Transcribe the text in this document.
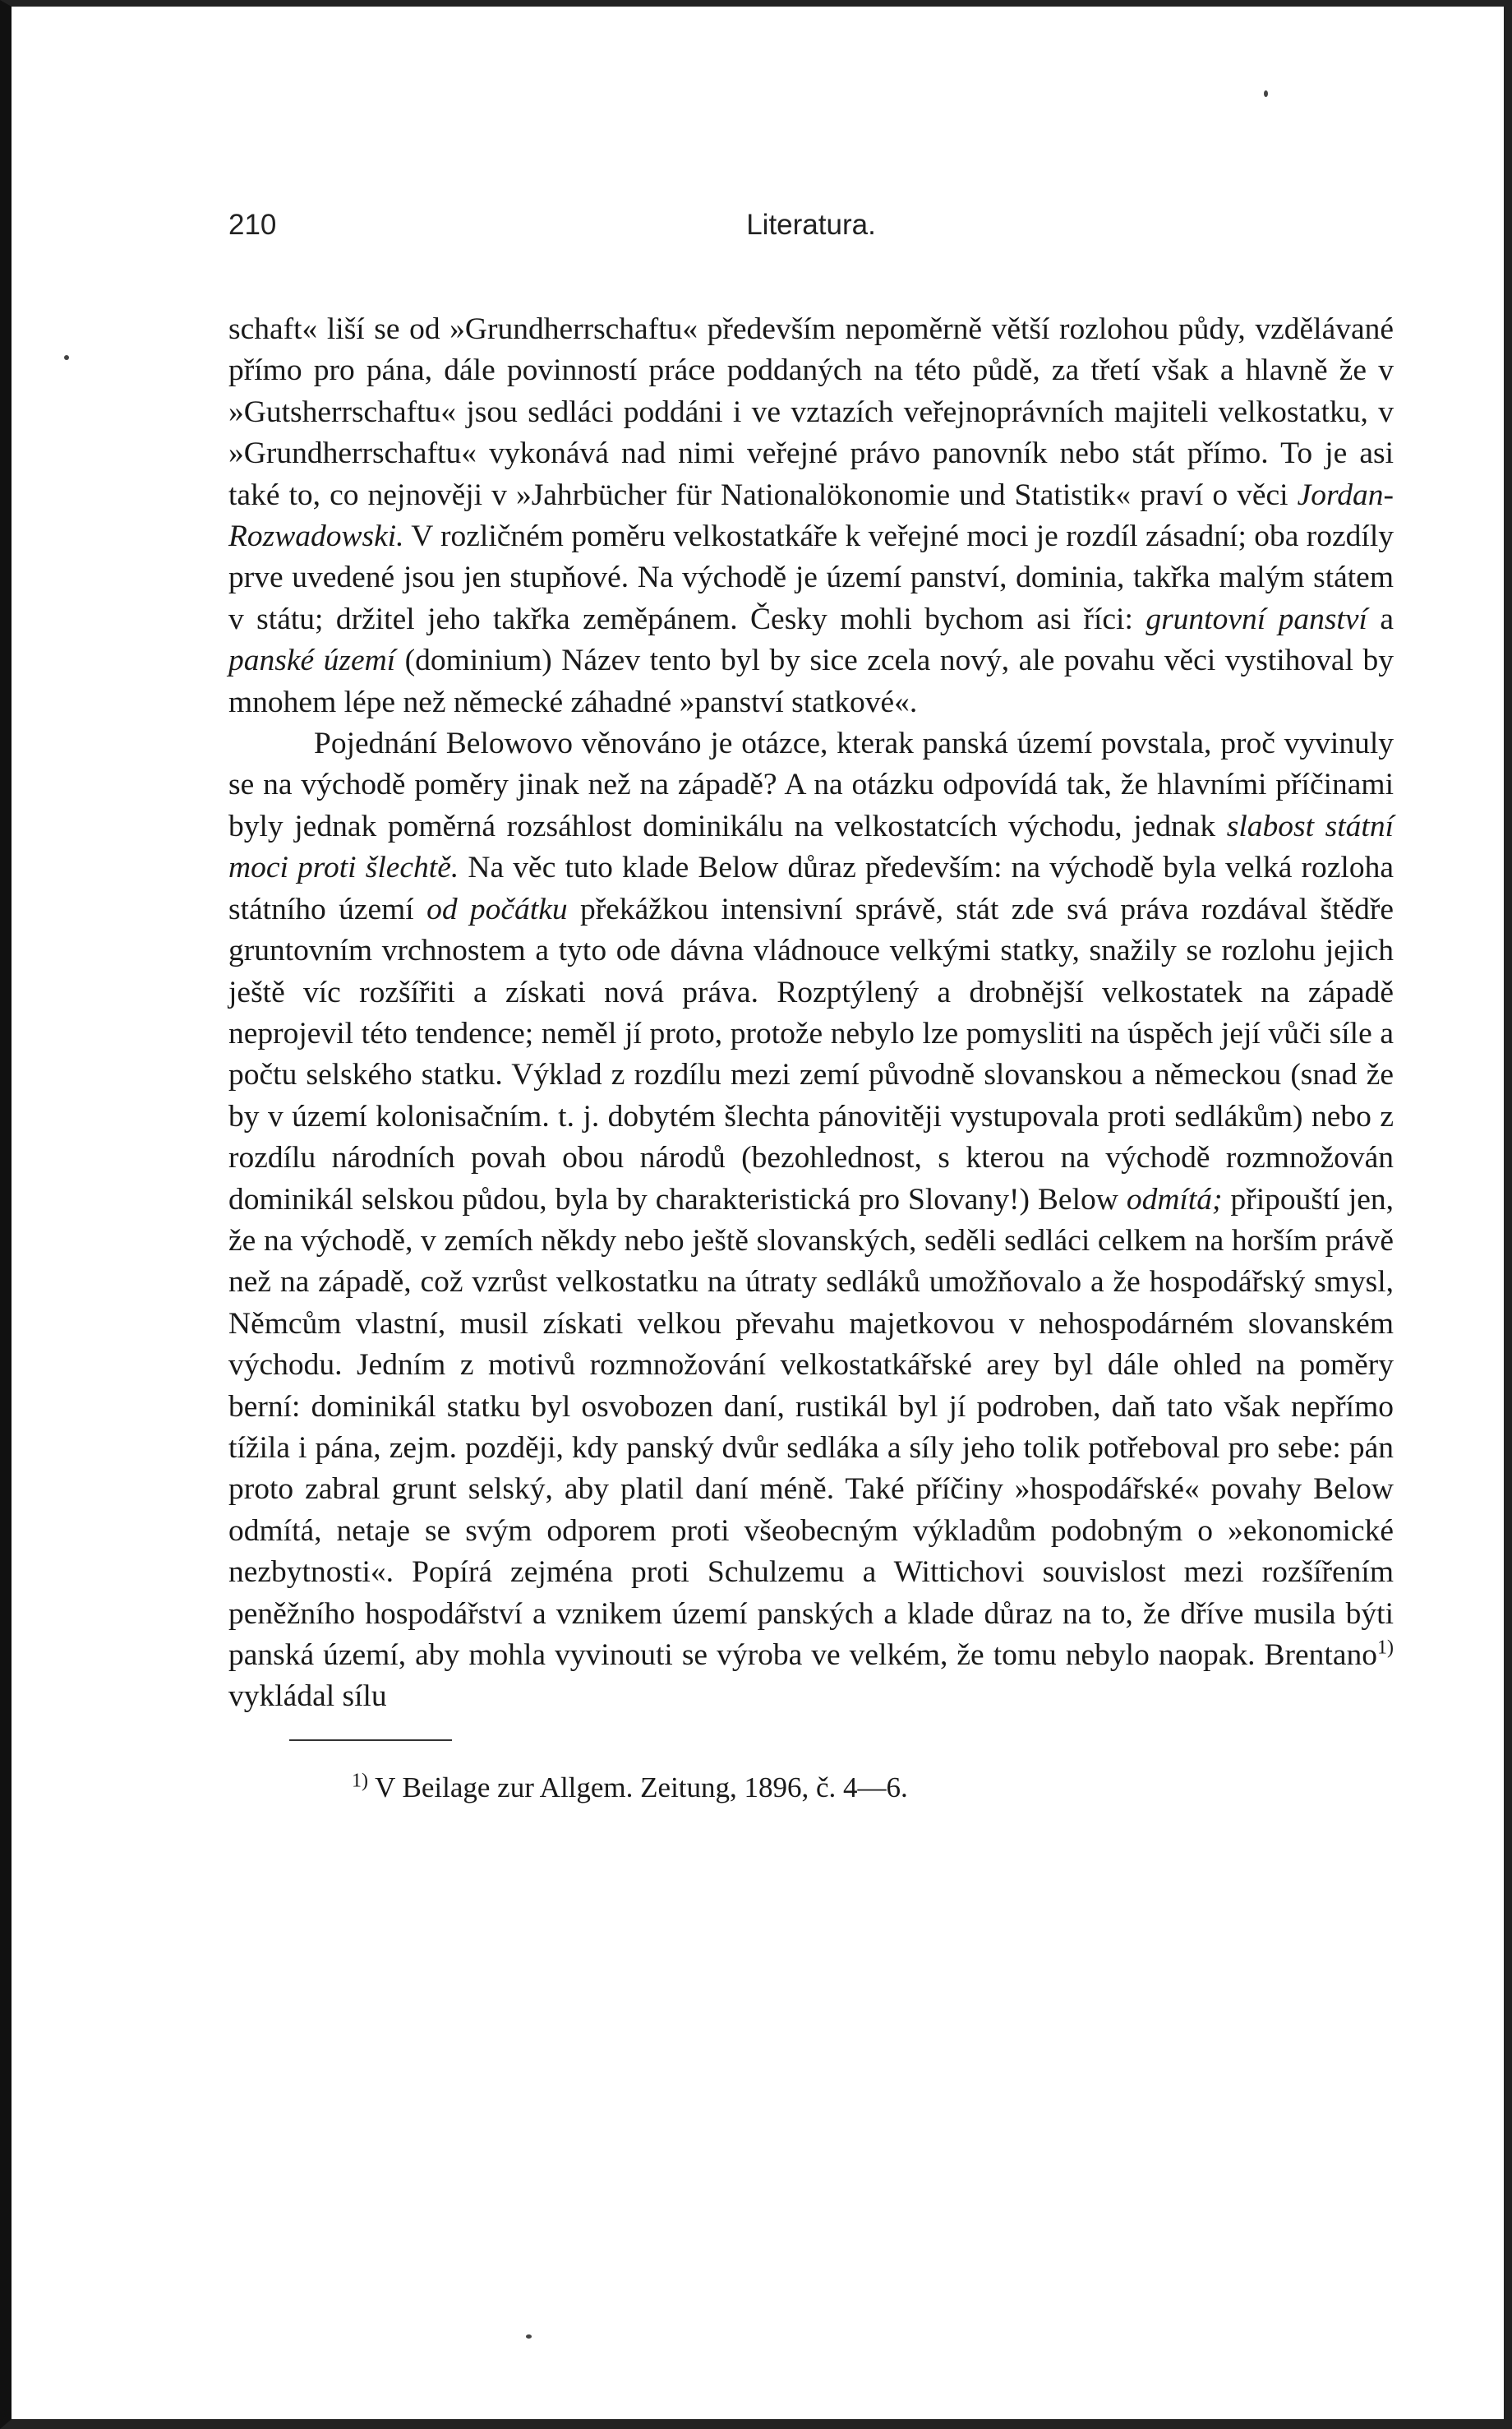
210	Literatura.

schaft« liší se od »Grundherrschaftu« především nepoměrně větší rozlohou půdy, vzdělávané přímo pro pána, dále povinností práce poddaných na této půdě, za třetí však a hlavně že v »Gutsherrschaftu« jsou sedláci poddáni i ve vztazích veřejnoprávních majiteli velkostatku, v »Grundherrschaftu« vykonává nad nimi veřejné právo panovník nebo stát přímo. To je asi také to, co nejnověji v »Jahrbücher für Nationalökonomie und Statistik« praví o věci Jordan-Rozwadowski. V rozličném poměru velkostatkáře k veřejné moci je rozdíl zásadní; oba rozdíly prve uvedené jsou jen stupňové. Na východě je území panství, dominia, takřka malým státem v státu; držitel jeho takřka zeměpánem. Česky mohli bychom asi říci: gruntovní panství a panské území (dominium) Název tento byl by sice zcela nový, ale povahu věci vystihoval by mnohem lépe než německé záhadné »panství statkové«.

Pojednání Belowovo věnováno je otázce, kterak panská území povstala, proč vyvinuly se na východě poměry jinak než na západě? A na otázku odpovídá tak, že hlavními příčinami byly jednak poměrná rozsáhlost dominikálu na velkostatcích východu, jednak slabost státní moci proti šlechtě. Na věc tuto klade Below důraz především: na východě byla velká rozloha státního území od počátku překážkou intensivní správě, stát zde svá práva rozdával štědře gruntovním vrchnostem a tyto ode dávna vládnouce velkými statky, snažily se rozlohu jejich ještě víc rozšířiti a získati nová práva. Rozptýlený a drobnější velkostatek na západě neprojevil této tendence; neměl jí proto, protože nebylo lze pomysliti na úspěch její vůči síle a počtu selského statku. Výklad z rozdílu mezi zemí původně slovanskou a německou (snad že by v území kolonisačním. t. j. dobytém šlechta pánovitěji vystupovala proti sedlákům) nebo z rozdílu národních povah obou národů (bezohlednost, s kterou na východě rozmnožován dominikál selskou půdou, byla by charakteristická pro Slovany!) Below odmítá; připouští jen, že na východě, v zemích někdy nebo ještě slovanských, seděli sedláci celkem na horším právě než na západě, což vzrůst velkostatku na útraty sedláků umožňovalo a že hospodářský smysl, Němcům vlastní, musil získati velkou převahu majetkovou v nehospodárném slovanském východu. Jedním z motivů rozmnožování velkostatkářské arey byl dále ohled na poměry berní: dominikál statku byl osvobozen daní, rustikál byl jí podroben, daň tato však nepřímo tížila i pána, zejm. později, kdy panský dvůr sedláka a síly jeho tolik potřeboval pro sebe: pán proto zabral grunt selský, aby platil daní méně. Také příčiny »hospodářské« povahy Below odmítá, netaje se svým odporem proti všeobecným výkladům podobným o »ekonomické nezbytnosti«. Popírá zejména proti Schulzemu a Wittichovi souvislost mezi rozšířením peněžního hospodářství a vznikem území panských a klade důraz na to, že dříve musila býti panská území, aby mohla vyvinouti se výroba ve velkém, že tomu nebylo naopak. Brentano$^{1)}$ vykládal sílu

$^{1)}$ V Beilage zur Allgem. Zeitung, 1896, č. 4—6.
